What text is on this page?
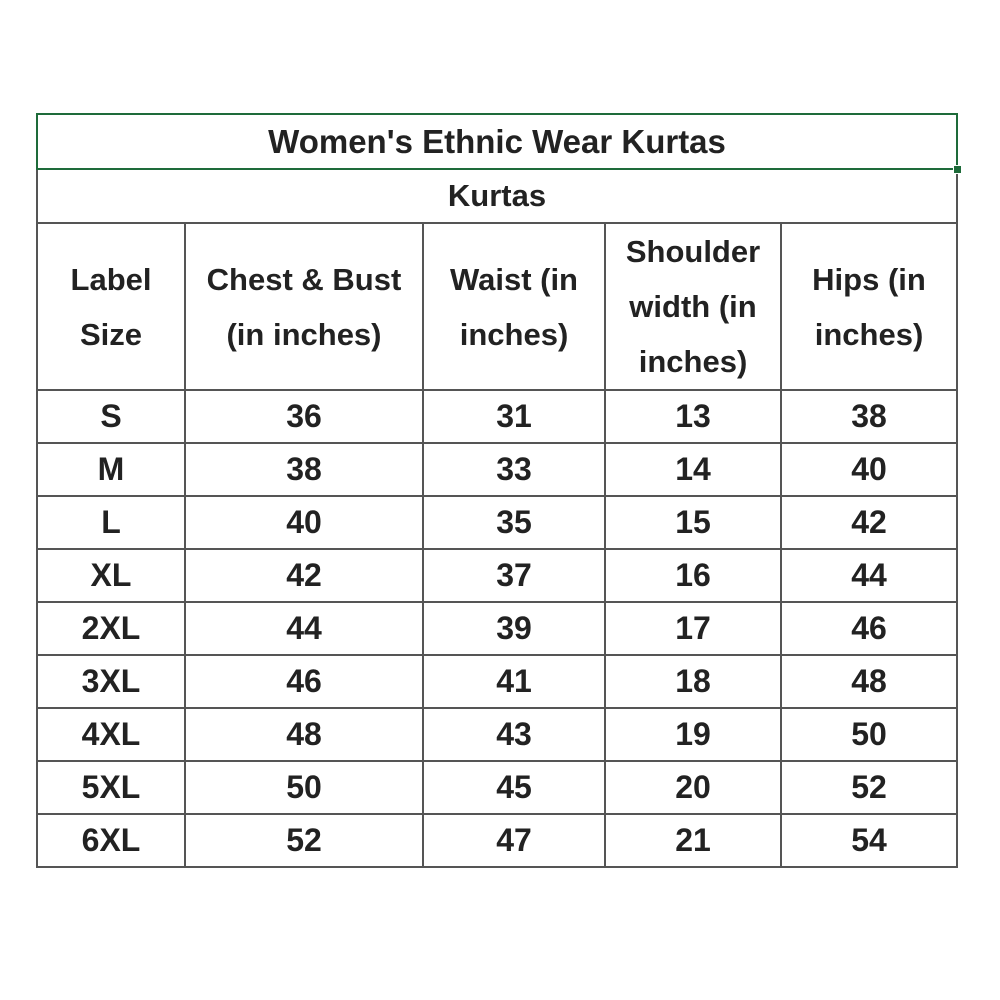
Women's Ethnic Wear Kurtas				

Kurtas				
Label Size	Chest & Bust (in inches)	Waist (in inches)	Shoulder width (in inches)	Hips (in inches)
S	36	31	13	38
M	38	33	14	40
L	40	35	15	42
XL	42	37	16	44
2XL	44	39	17	46
3XL	46	41	18	48
4XL	48	43	19	50
5XL	50	45	20	52
6XL	52	47	21	54
